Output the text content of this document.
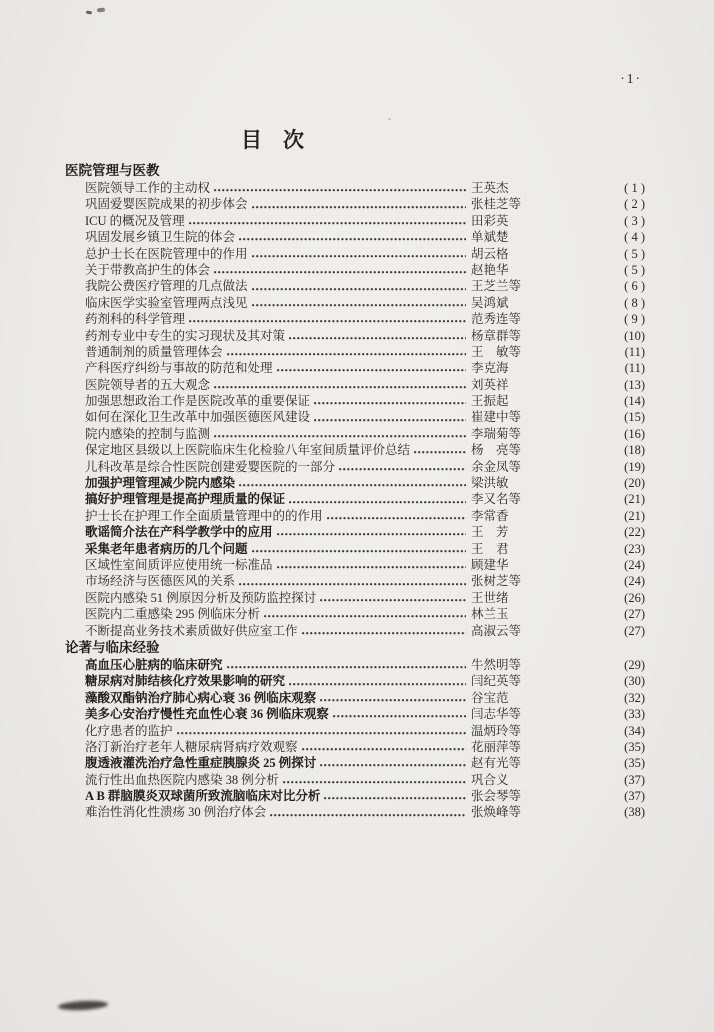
·1·
目　次
医院管理与医教
医院领导工作的主动权	王英杰	( 1 )
巩固爱婴医院成果的初步体会	张桂芝等	( 2 )
ICU 的概况及管理	田彩英	( 3 )
巩固发展乡镇卫生院的体会	单斌楚	( 4 )
总护士长在医院管理中的作用	胡云格	( 5 )
关于带教高护生的体会	赵艳华	( 5 )
我院公费医疗管理的几点做法	王芝兰等	( 6 )
临床医学实验室管理两点浅见	吴鸿斌	( 8 )
药剂科的科学管理	范秀连等	( 9 )
药剂专业中专生的实习现状及其对策	杨章群等	(10)
普通制剂的质量管理体会	王　敏等	(11)
产科医疗纠纷与事故的防范和处理	李克海	(11)
医院领导者的五大观念	刘英祥	(13)
加强思想政治工作是医院改革的重要保证	王振起	(14)
如何在深化卫生改革中加强医德医风建设	崔建中等	(15)
院内感染的控制与监测	李瑞菊等	(16)
保定地区县级以上医院临床生化检验八年室间质量评价总结	杨　亮等	(18)
儿科改革是综合性医院创建爱婴医院的一部分	余金凤等	(19)
加强护理管理减少院内感染	梁洪敏	(20)
搞好护理管理是提高护理质量的保证	李又名等	(21)
护士长在护理工作全面质量管理中的的作用	李常香	(21)
歌谣简介法在产科学教学中的应用	王　芳	(22)
采集老年患者病历的几个问题	王　君	(23)
区域性室间质评应使用统一标准品	顾建华	(24)
市场经济与医德医风的关系	张树芝等	(24)
医院内感染 51 例原因分析及预防监控探讨	王世绪	(26)
医院内二重感染 295 例临床分析	林兰玉	(27)
不断提高业务技术素质做好供应室工作	高淑云等	(27)
论著与临床经验
高血压心脏病的临床研究	牛然明等	(29)
糖尿病对肺结核化疗效果影响的研究	闫纪英等	(30)
藻酸双酯钠治疗肺心病心衰 36 例临床观察	谷宝范	(32)
美多心安治疗慢性充血性心衰 36 例临床观察	闫志华等	(33)
化疗患者的监护	温炳玲等	(34)
洛汀新治疗老年人糖尿病肾病疗效观察	花丽萍等	(35)
腹透液灌洗治疗急性重症胰腺炎 25 例探讨	赵有光等	(35)
流行性出血热医院内感染 38 例分析	巩合义	(37)
A B 群脑膜炎双球菌所致流脑临床对比分析	张会琴等	(37)
难治性消化性溃疡 30 例治疗体会	张焕峰等	(38)
